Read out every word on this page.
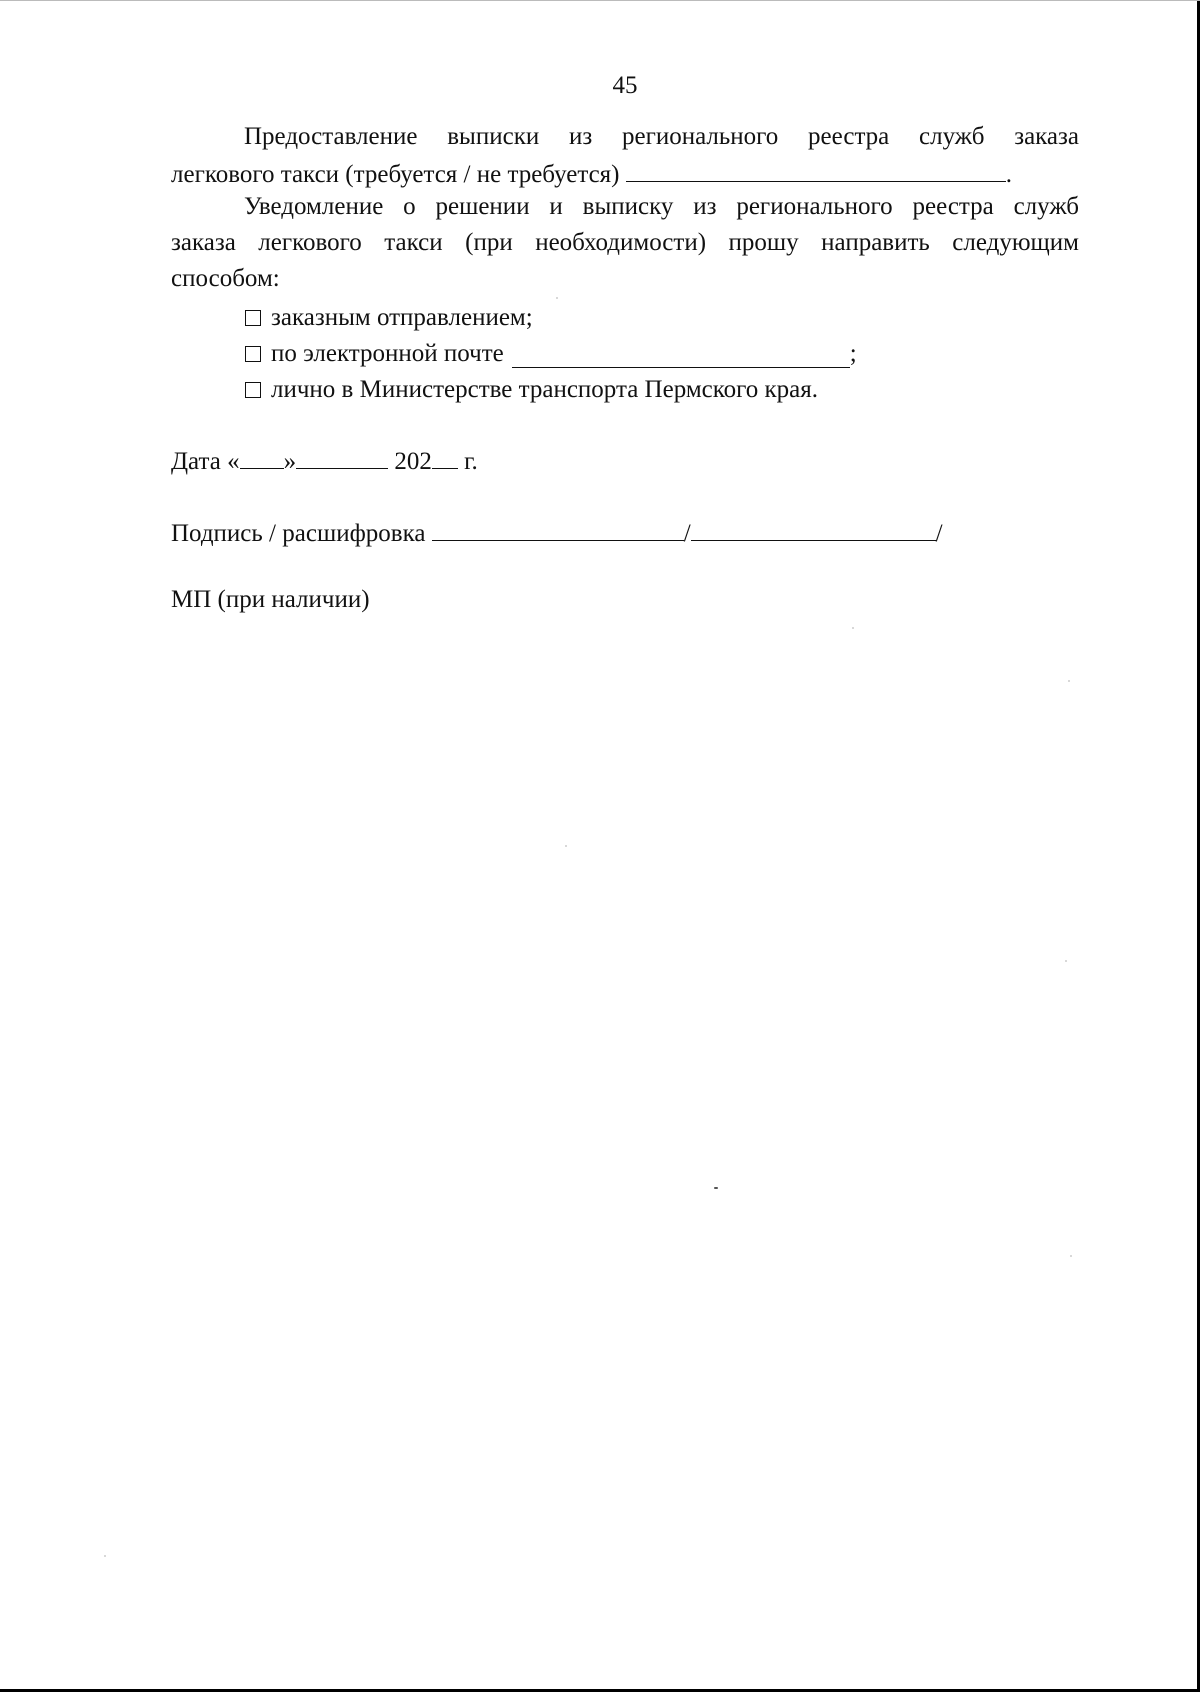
45

Предоставление выписки из регионального реестра служб заказа

легкового такси (требуется / не требуется)	.

Уведомление о решении и выписку из регионального реестра служб

заказа легкового такси (при необходимости) прошу направить следующим

способом:

заказным отправлением;
по электронной почте	;
лично в Министерстве транспорта Пермского края.
Дата « »	202 г.
Подпись / расшифровка	/	/
МП (при наличии)
